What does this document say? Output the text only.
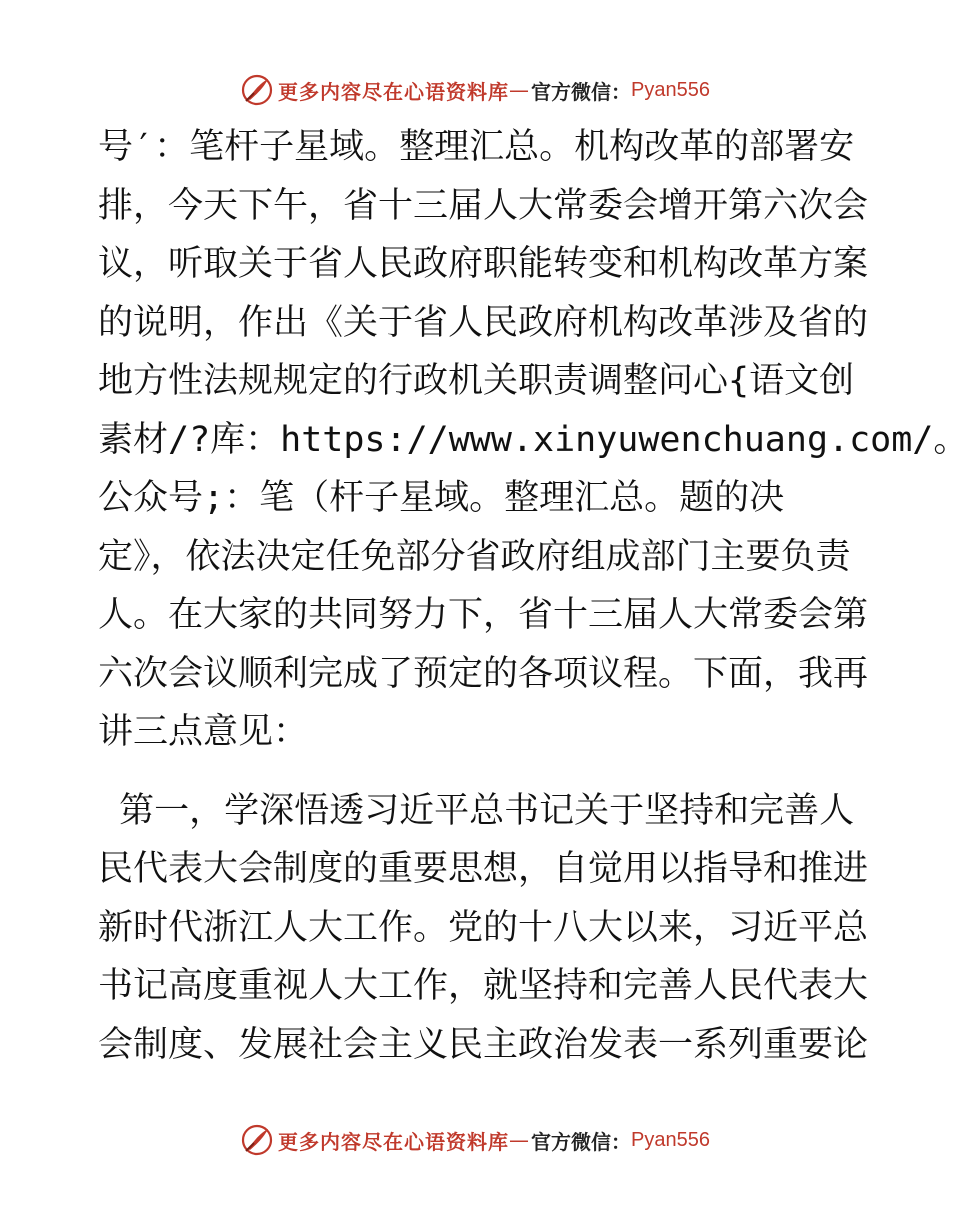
更多内容尽在心语资料库 — 官方微信： Pyan556
号′：笔杆子星域。整理汇总。机构改革的部署安
排，今天下午，省十三届人大常委会增开第六次会
议，听取关于省人民政府职能转变和机构改革方案
的说明，作出《关于省人民政府机构改革涉及省的
地方性法规规定的行政机关职责调整问心{语文创
素材/?库：https://www.xinyuwenchuang.com/。
公众号;：笔（杆子星域。整理汇总。题的决
定》，依法决定任免部分省政府组成部门主要负责
人。在大家的共同努力下，省十三届人大常委会第
六次会议顺利完成了预定的各项议程。下面，我再
讲三点意见：
第一，学深悟透习近平总书记关于坚持和完善人
民代表大会制度的重要思想，自觉用以指导和推进
新时代浙江人大工作。党的十八大以来，习近平总
书记高度重视人大工作，就坚持和完善人民代表大
会制度、发展社会主义民主政治发表一系列重要论
更多内容尽在心语资料库 — 官方微信： Pyan556
